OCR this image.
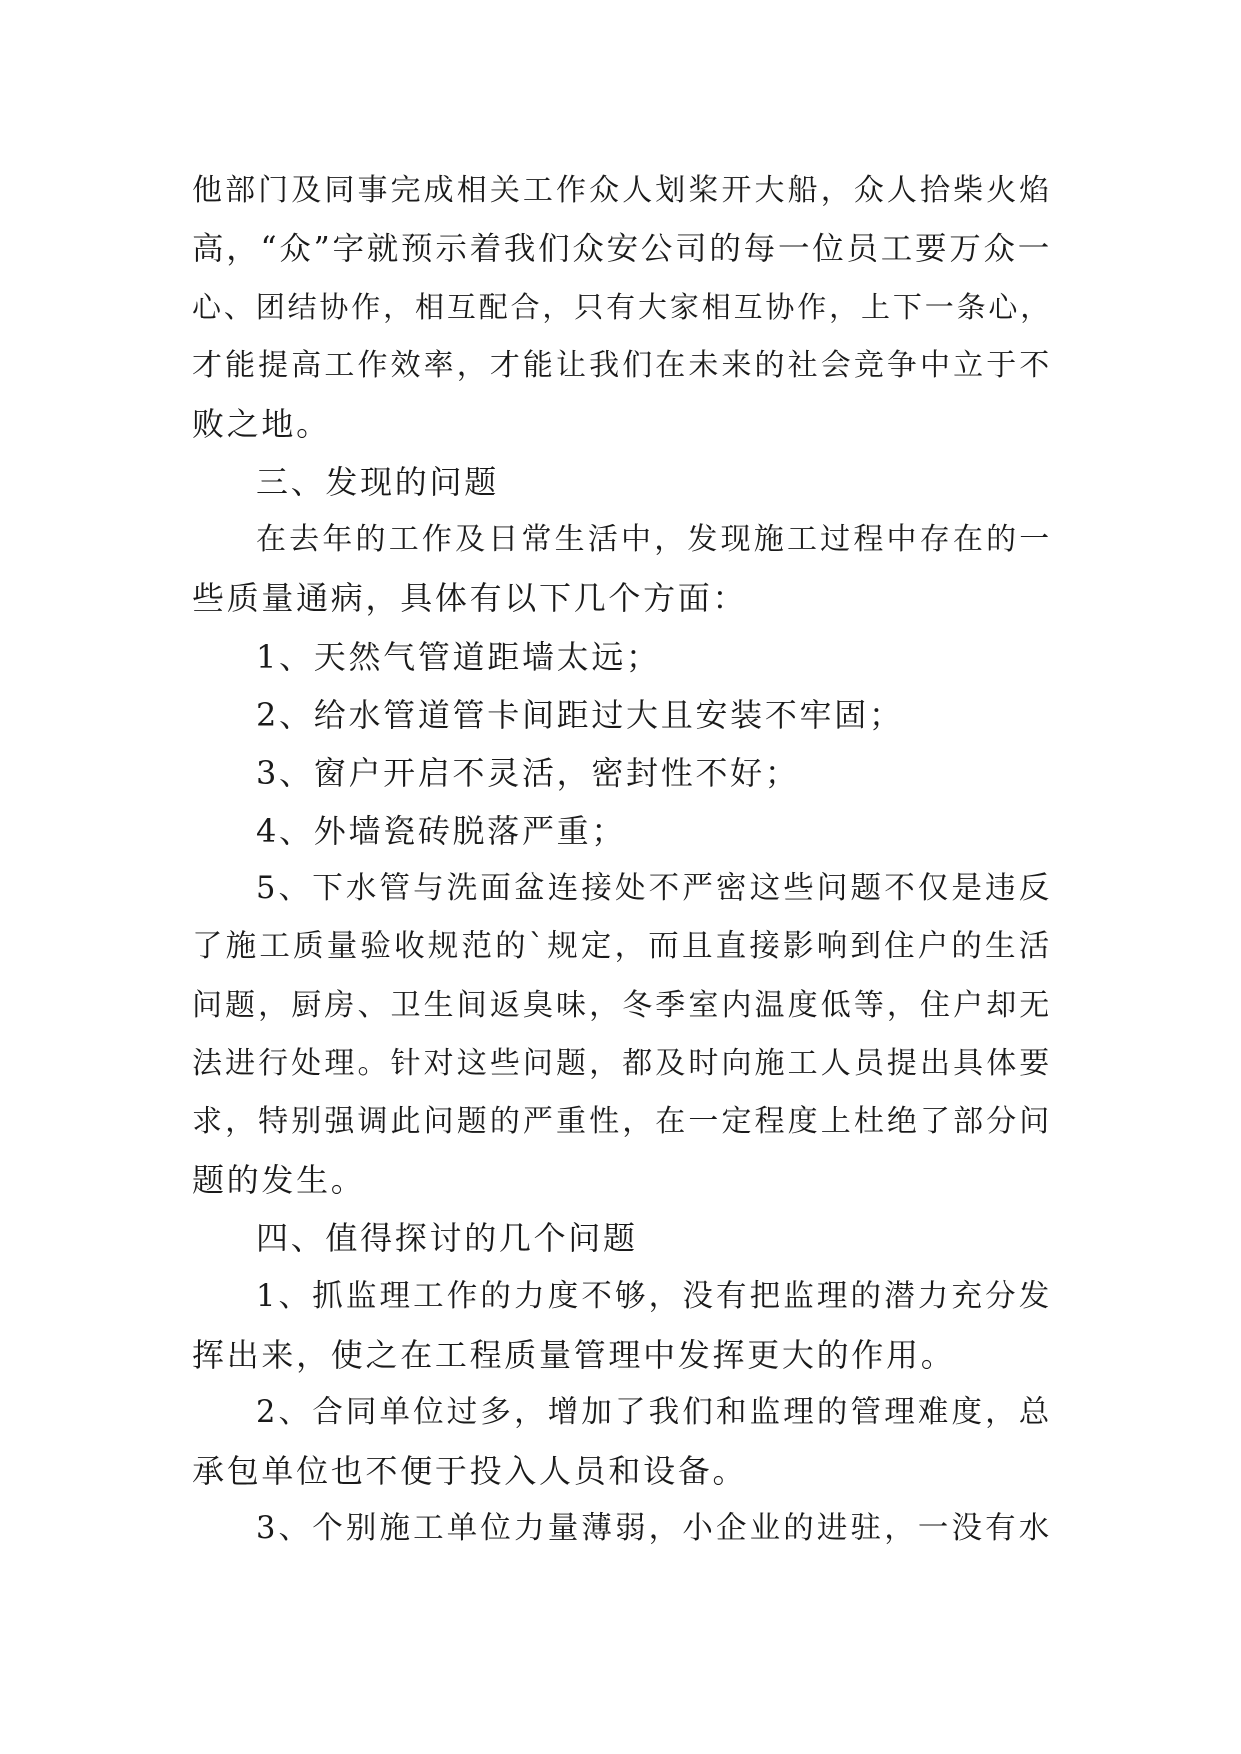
他部门及同事完成相关工作众人划桨开大船，众人拾柴火焰
高，“众”字就预示着我们众安公司的每一位员工要万众一
心、团结协作，相互配合，只有大家相互协作，上下一条心，
才能提高工作效率，才能让我们在未来的社会竞争中立于不
败之地。
三、发现的问题
在去年的工作及日常生活中，发现施工过程中存在的一
些质量通病，具体有以下几个方面：
1、天然气管道距墙太远；
2、给水管道管卡间距过大且安装不牢固；
3、窗户开启不灵活，密封性不好；
4、外墙瓷砖脱落严重；
5、下水管与洗面盆连接处不严密这些问题不仅是违反
了施工质量验收规范的`规定，而且直接影响到住户的生活
问题，厨房、卫生间返臭味，冬季室内温度低等，住户却无
法进行处理。针对这些问题，都及时向施工人员提出具体要
求，特别强调此问题的严重性，在一定程度上杜绝了部分问
题的发生。
四、值得探讨的几个问题
1、抓监理工作的力度不够，没有把监理的潜力充分发
挥出来，使之在工程质量管理中发挥更大的作用。
2、合同单位过多，增加了我们和监理的管理难度，总
承包单位也不便于投入人员和设备。
3、个别施工单位力量薄弱，小企业的进驻，一没有水
